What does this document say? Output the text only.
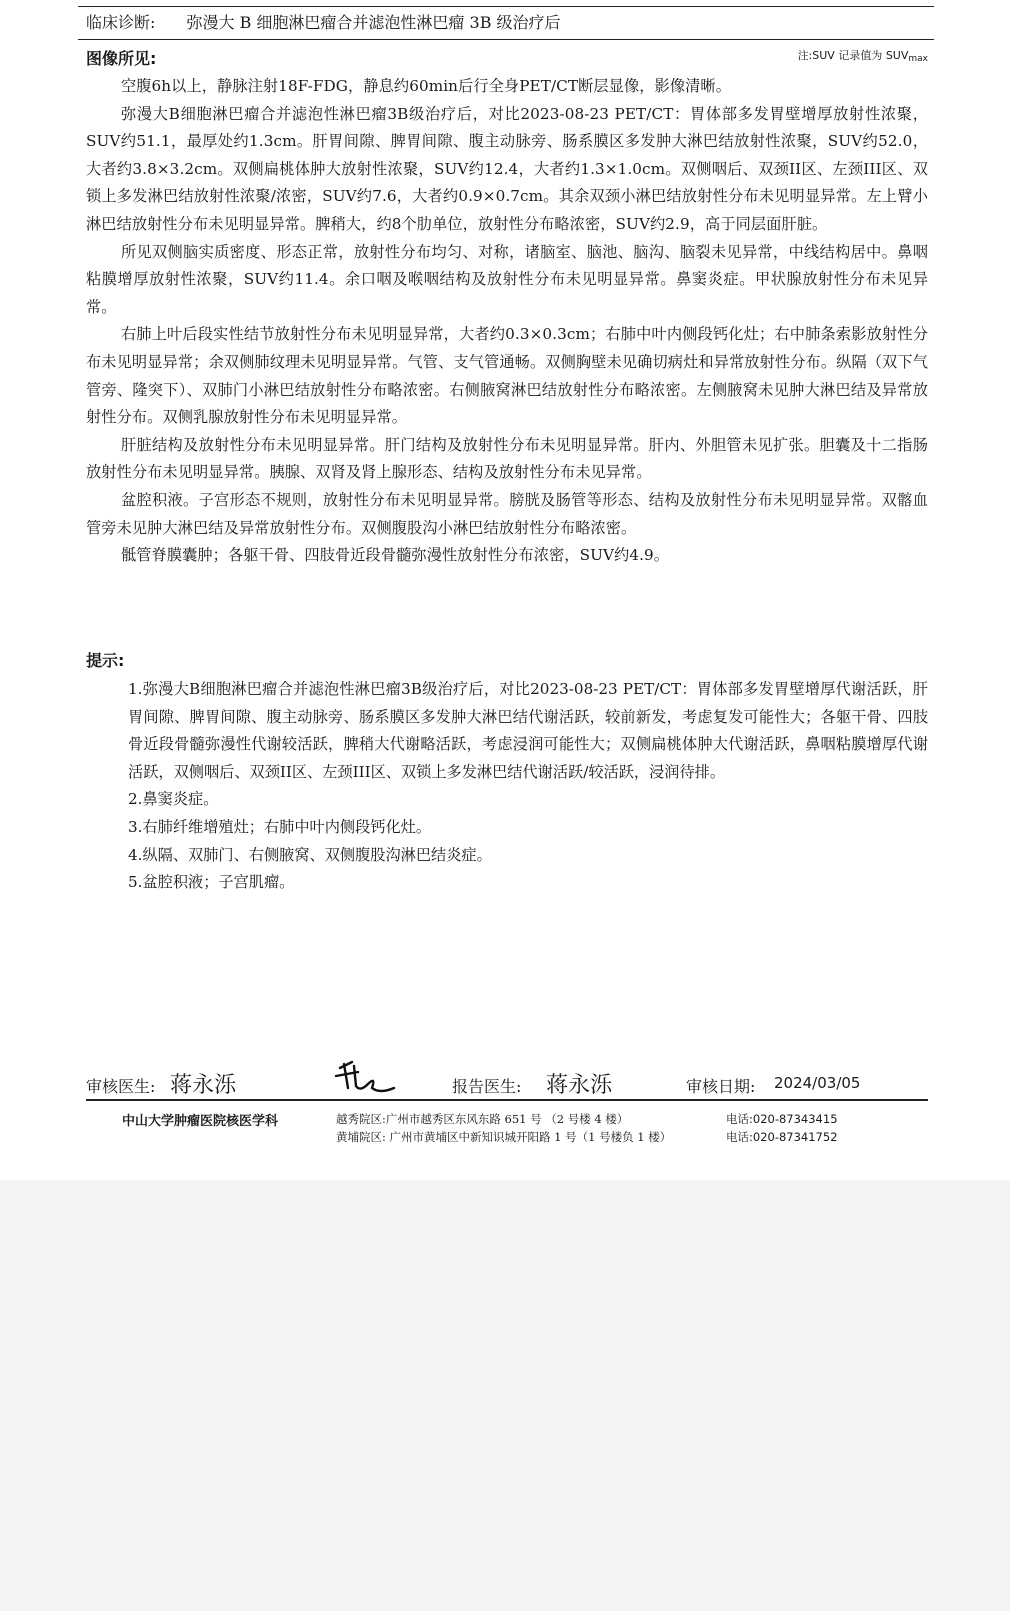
临床诊断: 弥漫大 B 细胞淋巴瘤合并滤泡性淋巴瘤 3B 级治疗后
图像所见:	注:SUV 记录值为 $SUV_{max}$

空腹6h以上，静脉注射18F-FDG，静息约60min后行全身PET/CT断层显像，影像清晰。

弥漫大B细胞淋巴瘤合并滤泡性淋巴瘤3B级治疗后，对比2023-08-23 PET/CT：胃体部多发胃壁增厚放射性浓聚，SUV约51.1，最厚处约1.3cm。肝胃间隙、脾胃间隙、腹主动脉旁、肠系膜区多发肿大淋巴结放射性浓聚，SUV约52.0，大者约3.8×3.2cm。双侧扁桃体肿大放射性浓聚，SUV约12.4，大者约1.3×1.0cm。双侧咽后、双颈II区、左颈III区、双锁上多发淋巴结放射性浓聚/浓密，SUV约7.6，大者约0.9×0.7cm。其余双颈小淋巴结放射性分布未见明显异常。左上臂小淋巴结放射性分布未见明显异常。脾稍大，约8个肋单位，放射性分布略浓密，SUV约2.9，高于同层面肝脏。

所见双侧脑实质密度、形态正常，放射性分布均匀、对称，诸脑室、脑池、脑沟、脑裂未见异常，中线结构居中。鼻咽粘膜增厚放射性浓聚，SUV约11.4。余口咽及喉咽结构及放射性分布未见明显异常。鼻窦炎症。甲状腺放射性分布未见异常。

右肺上叶后段实性结节放射性分布未见明显异常，大者约0.3×0.3cm；右肺中叶内侧段钙化灶；右中肺条索影放射性分布未见明显异常；余双侧肺纹理未见明显异常。气管、支气管通畅。双侧胸壁未见确切病灶和异常放射性分布。纵隔（双下气管旁、隆突下）、双肺门小淋巴结放射性分布略浓密。右侧腋窝淋巴结放射性分布略浓密。左侧腋窝未见肿大淋巴结及异常放射性分布。双侧乳腺放射性分布未见明显异常。

肝脏结构及放射性分布未见明显异常。肝门结构及放射性分布未见明显异常。肝内、外胆管未见扩张。胆囊及十二指肠放射性分布未见明显异常。胰腺、双肾及肾上腺形态、结构及放射性分布未见异常。

盆腔积液。子宫形态不规则，放射性分布未见明显异常。膀胱及肠管等形态、结构及放射性分布未见明显异常。双髂血管旁未见肿大淋巴结及异常放射性分布。双侧腹股沟小淋巴结放射性分布略浓密。

骶管脊膜囊肿；各躯干骨、四肢骨近段骨髓弥漫性放射性分布浓密，SUV约4.9。

提示:

1.弥漫大B细胞淋巴瘤合并滤泡性淋巴瘤3B级治疗后，对比2023-08-23 PET/CT：胃体部多发胃壁增厚代谢活跃，肝胃间隙、脾胃间隙、腹主动脉旁、肠系膜区多发肿大淋巴结代谢活跃，较前新发，考虑复发可能性大；各躯干骨、四肢骨近段骨髓弥漫性代谢较活跃，脾稍大代谢略活跃，考虑浸润可能性大；双侧扁桃体肿大代谢活跃，鼻咽粘膜增厚代谢活跃，双侧咽后、双颈II区、左颈III区、双锁上多发淋巴结代谢活跃/较活跃，浸润待排。

2.鼻窦炎症。

3.右肺纤维增殖灶；右肺中叶内侧段钙化灶。

4.纵隔、双肺门、右侧腋窝、双侧腹股沟淋巴结炎症。

5.盆腔积液；子宫肌瘤。

审核医生: 蒋永泺	报告医生: 蒋永泺	审核日期: 2024/03/05
中山大学肿瘤医院核医学科	越秀院区:广州市越秀区东风东路 651 号 （2 号楼 4 楼）	电话:020-87343415
黄埔院区: 广州市黄埔区中新知识城开阳路 1 号（1 号楼负 1 楼）	电话:020-87341752
